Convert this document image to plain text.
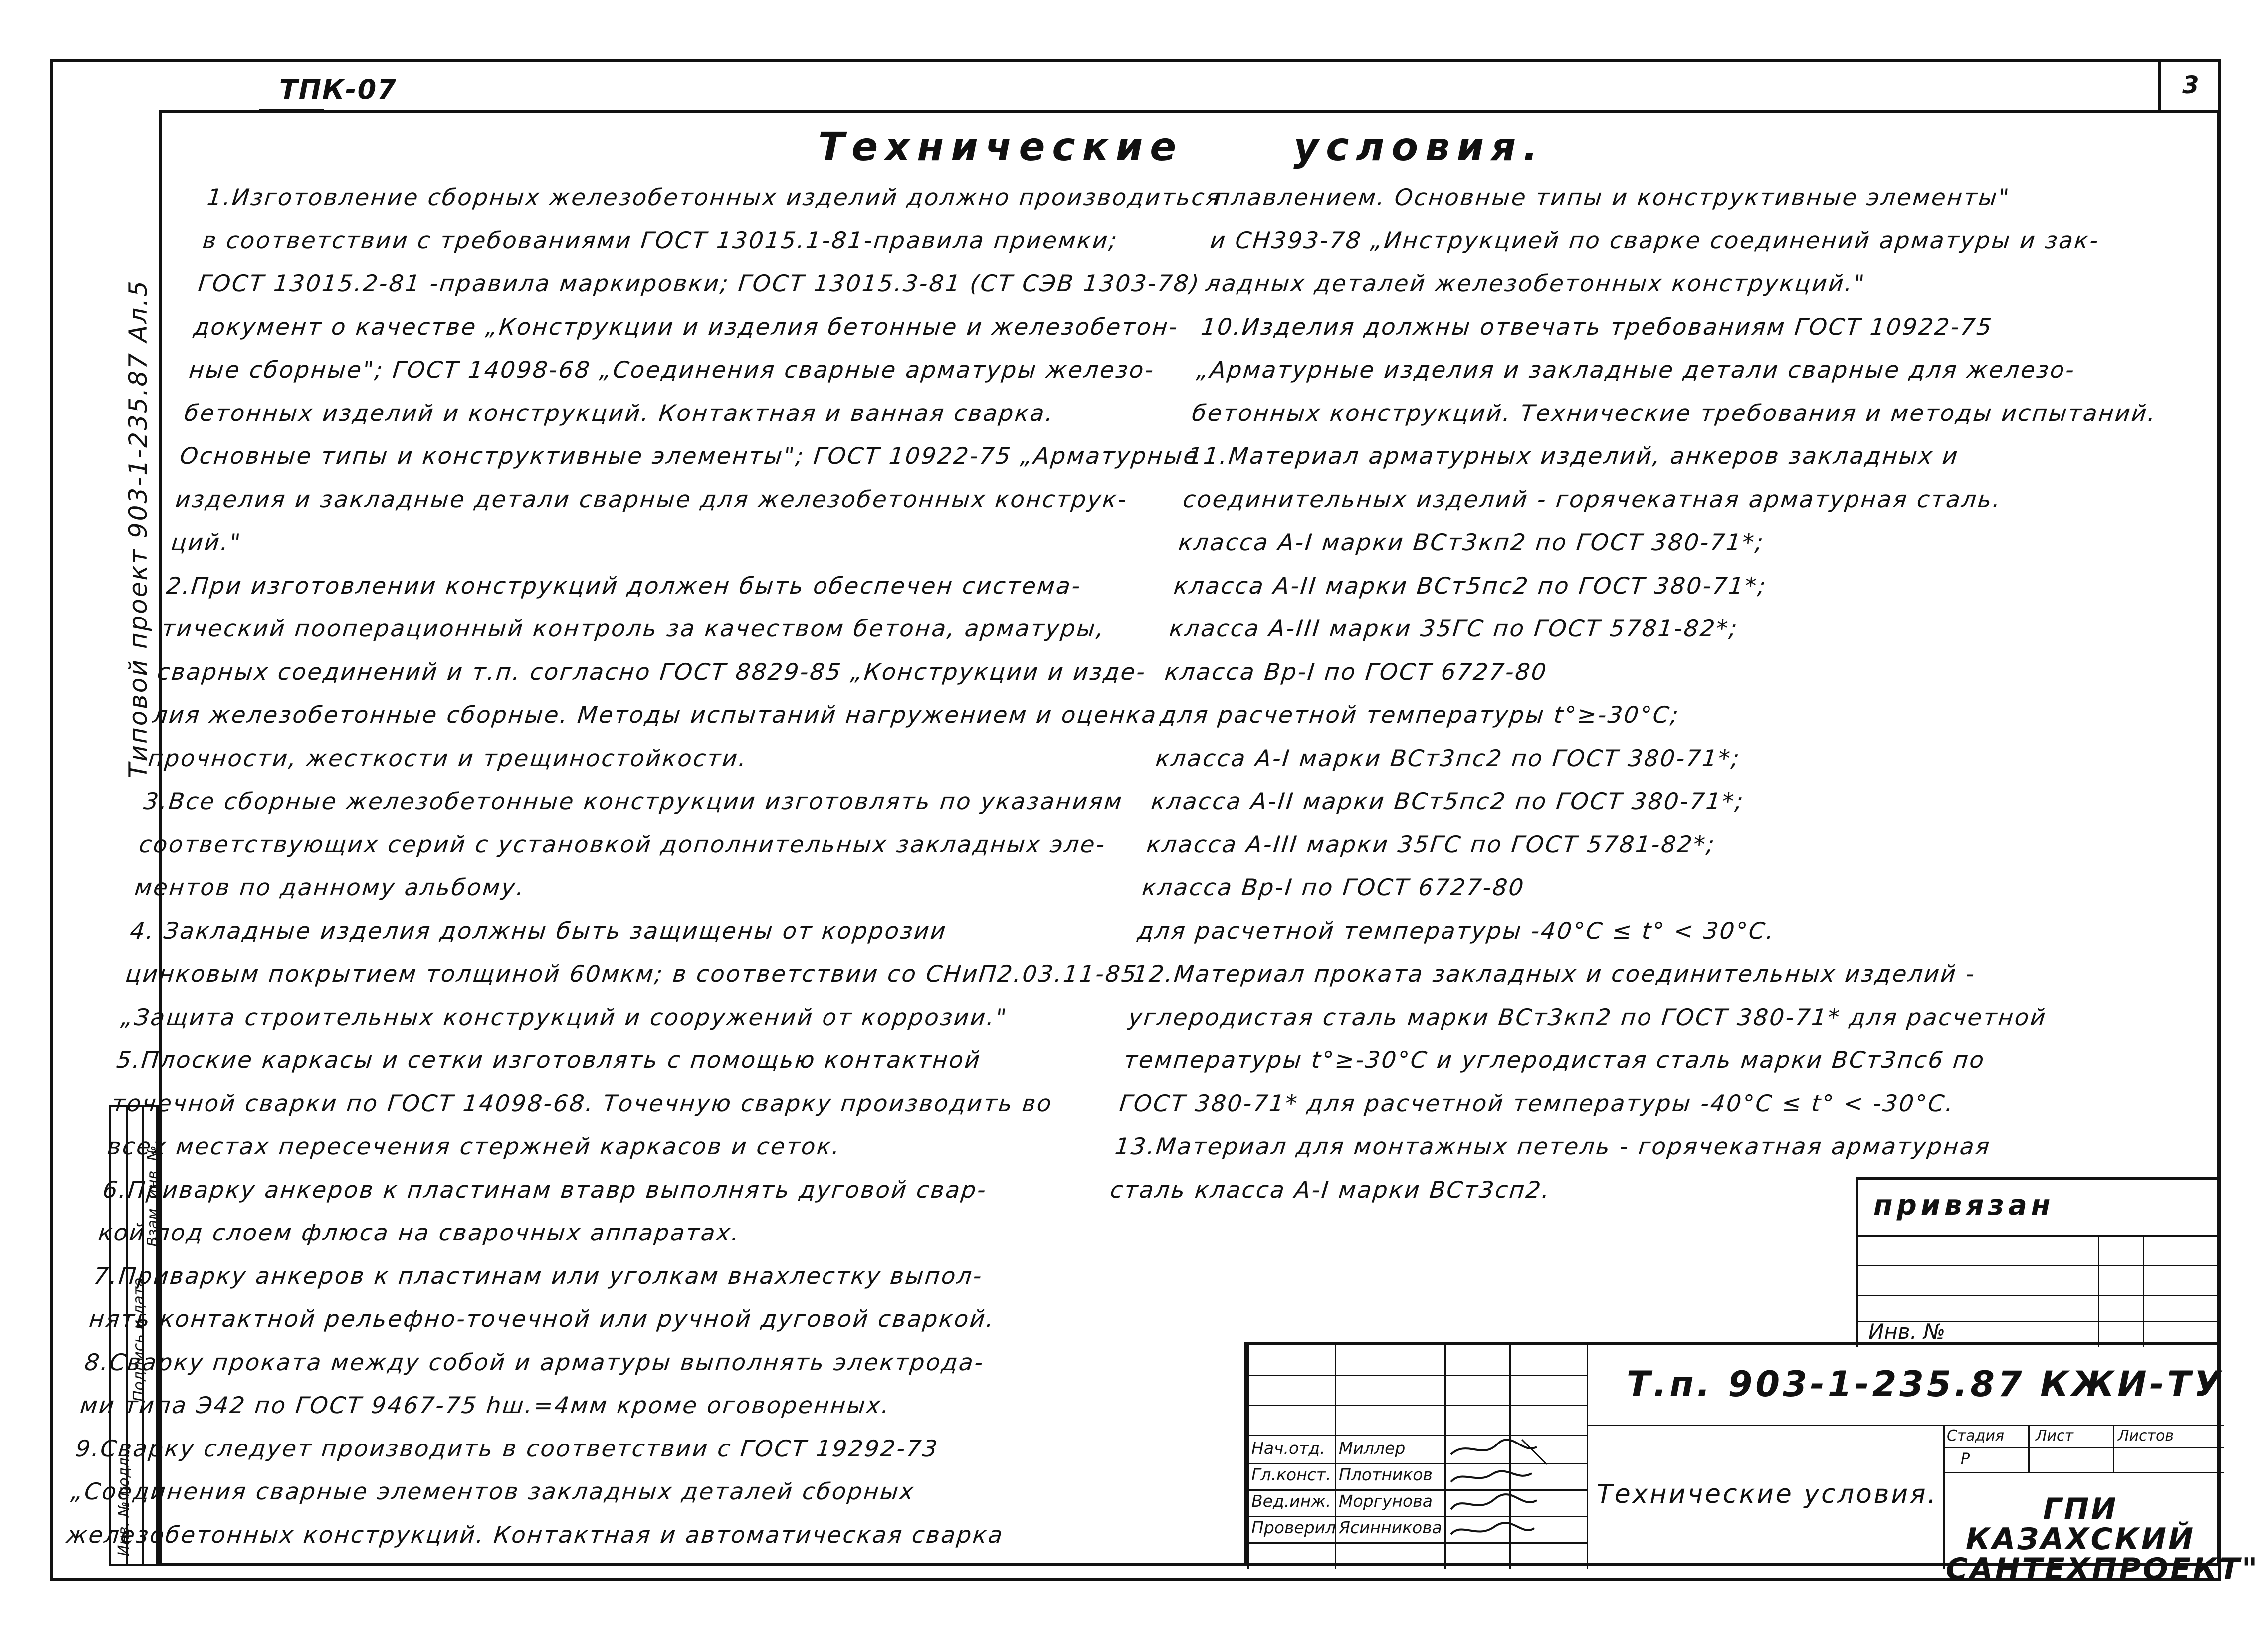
3
ТПК-07
Типовой проект 903-1-235.87 Ал.5
Технические условия.
1.Изготовление сборных железобетонных изделий должно производиться
в соответствии с требованиями ГОСТ 13015.1-81-правила приемки;
ГОСТ 13015.2-81 -правила маркировки; ГОСТ 13015.3-81 (СТ СЭВ 1303-78) -
документ о качестве „Конструкции и изделия бетонные и железобетон-
ные сборные"; ГОСТ 14098-68 „Соединения сварные арматуры железо-
бетонных изделий и конструкций. Контактная и ванная сварка.
Основные типы и конструктивные элементы"; ГОСТ 10922-75 „Арматурные
изделия и закладные детали сварные для железобетонных конструк-
ций."
2.При изготовлении конструкций должен быть обеспечен система-
тический пооперационный контроль за качеством бетона, арматуры,
сварных соединений и т.п. согласно ГОСТ 8829-85 „Конструкции и изде-
лия железобетонные сборные. Методы испытаний нагружением и оценка
прочности, жесткости и трещиностойкости.
3.Все сборные железобетонные конструкции изготовлять по указаниям
соответствующих серий с установкой дополнительных закладных эле-
ментов по данному альбому.
4. Закладные изделия должны быть защищены от коррозии
цинковым покрытием толщиной 60мкм; в соответствии со СНиП2.03.11-85
„Защита строительных конструкций и сооружений от коррозии."
5.Плоские каркасы и сетки изготовлять с помощью контактной
точечной сварки по ГОСТ 14098-68. Точечную сварку производить во
всех местах пересечения стержней каркасов и сеток.
6.Приварку анкеров к пластинам втавр выполнять дуговой свар-
кой под слоем флюса на сварочных аппаратах.
7.Приварку анкеров к пластинам или уголкам внахлестку выпол-
нять контактной рельефно-точечной или ручной дуговой сваркой.
8.Сварку проката между собой и арматуры выполнять электрода-
ми типа Э42 по ГОСТ 9467-75 hш.=4мм кроме оговоренных.
9.Сварку следует производить в соответствии с ГОСТ 19292-73
„Соединения сварные элементов закладных деталей сборных
железобетонных конструкций. Контактная и автоматическая сварка
плавлением. Основные типы и конструктивные элементы"
и СН393-78 „Инструкцией по сварке соединений арматуры и зак-
ладных деталей железобетонных конструкций."
10.Изделия должны отвечать требованиям ГОСТ 10922-75
„Арматурные изделия и закладные детали сварные для железо-
бетонных конструкций. Технические требования и методы испытаний.
11.Материал арматурных изделий, анкеров закладных и
соединительных изделий - горячекатная арматурная сталь.
класса А-I марки ВСт3кп2 по ГОСТ 380-71*;
класса А-II марки ВСт5пс2 по ГОСТ 380-71*;
класса А-III марки 35ГС по ГОСТ 5781-82*;
класса Вр-I по ГОСТ 6727-80
для расчетной температуры t°≥-30°С;
класса А-I марки ВСт3пс2 по ГОСТ 380-71*;
класса А-II марки ВСт5пс2 по ГОСТ 380-71*;
класса А-III марки 35ГС по ГОСТ 5781-82*;
класса Вр-I по ГОСТ 6727-80
для расчетной температуры -40°С ≤ t° < 30°С.
12.Материал проката закладных и соединительных изделий -
углеродистая сталь марки ВСт3кп2 по ГОСТ 380-71* для расчетной
температуры t°≥-30°С и углеродистая сталь марки ВСт3пс6 по
ГОСТ 380-71* для расчетной температуры -40°С ≤ t° < -30°С.
13.Материал для монтажных петель - горячекатная арматурная
сталь класса А-I марки ВСт3сп2.
Инв. № подл.
Подпись и дата
Взам. инв. №	привязан
Инв. №
Т.п. 903-1-235.87 КЖИ-ТУ
Нач.отд.
Гл.конст.
Вед.инж.
Проверил
Миллер
Плотников
Моргунова
Ясинникова
Технические условия.
Стадия Лист	Листов
Р
ГПИ
КАЗАХСКИЙ
САНТЕХПРОЕКТ"
